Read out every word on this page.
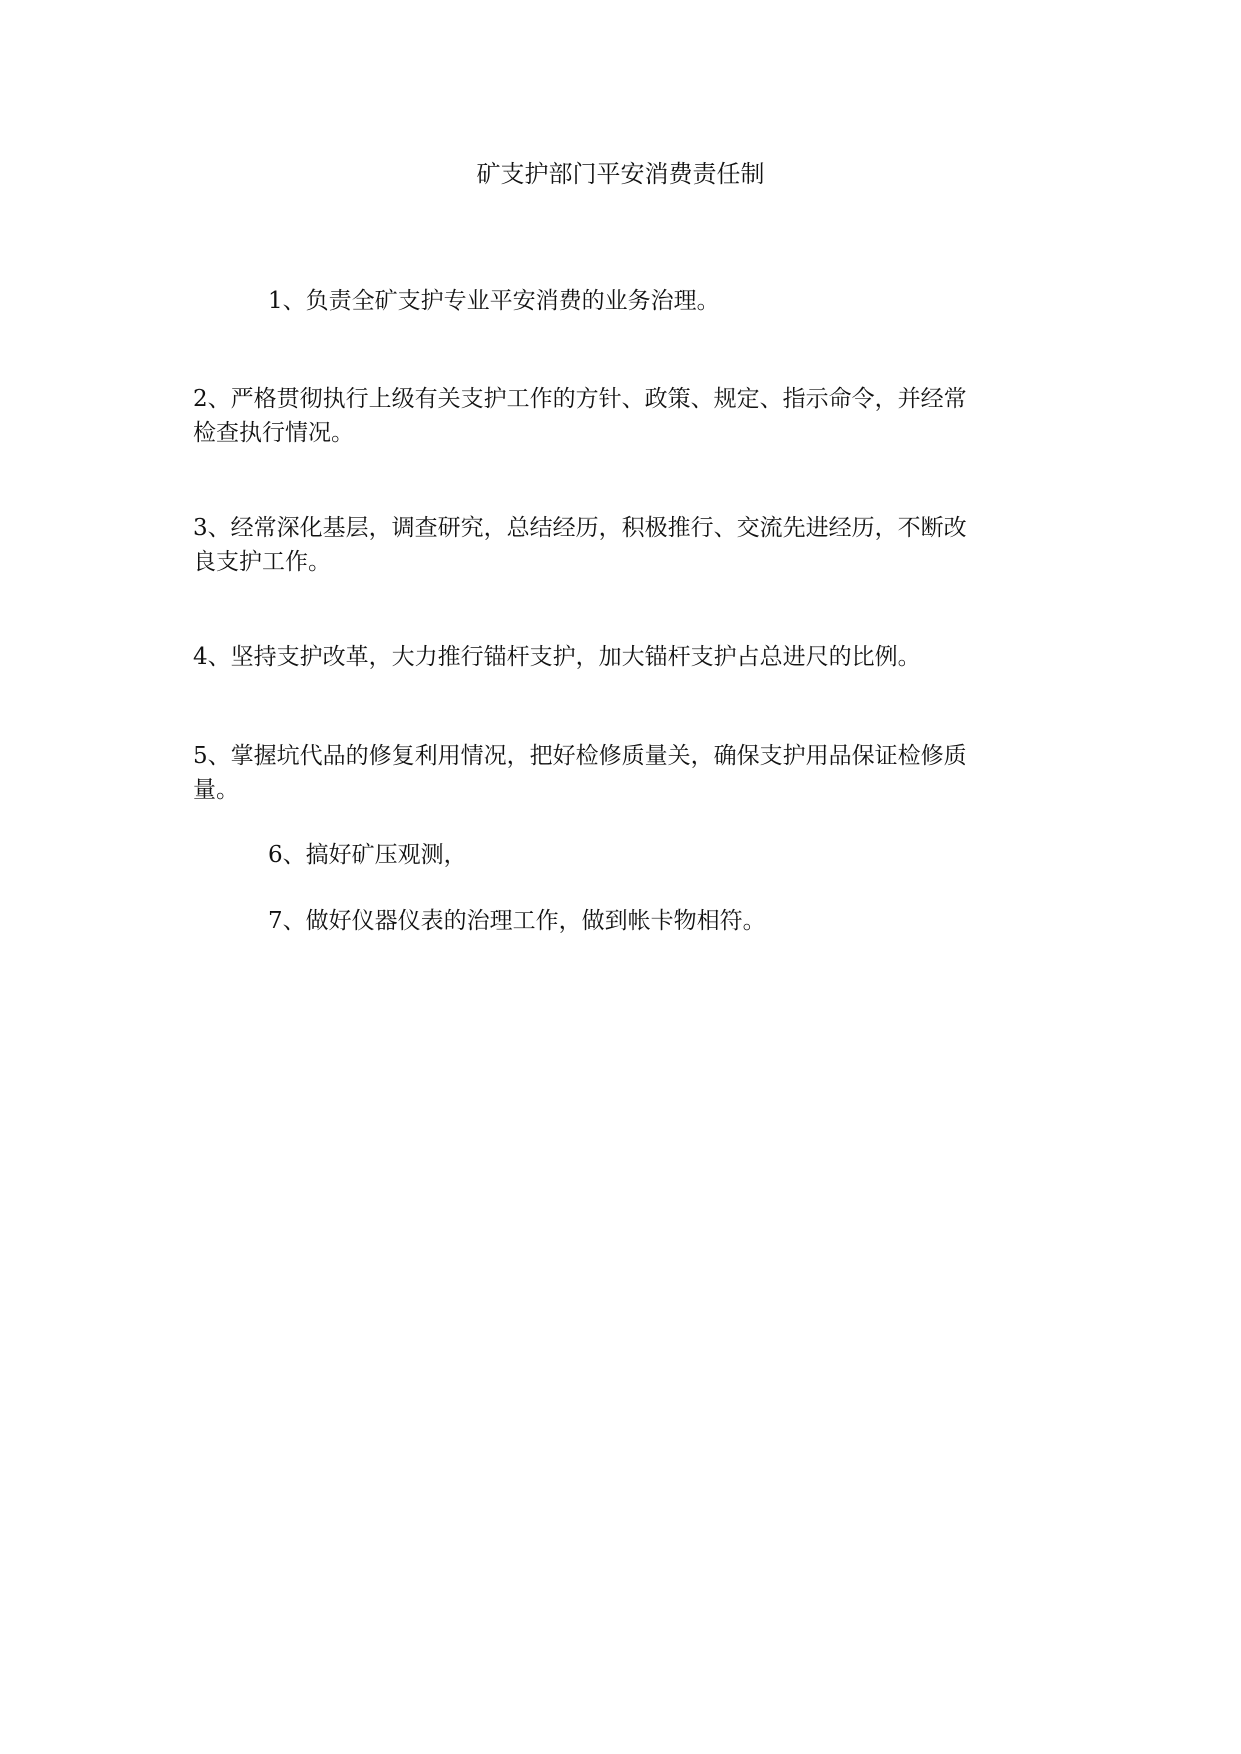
矿支护部门平安消费责任制

1、负责全矿支护专业平安消费的业务治理。

2、严格贯彻执行上级有关支护工作的方针、政策、规定、指示命令，并经常
检查执行情况。

3、经常深化基层，调查研究，总结经历，积极推行、交流先进经历，不断改
良支护工作。

4、坚持支护改革，大力推行锚杆支护，加大锚杆支护占总进尺的比例。

5、掌握坑代品的修复利用情况，把好检修质量关，确保支护用品保证检修质
量。

6、搞好矿压观测，

7、做好仪器仪表的治理工作，做到帐卡物相符。
